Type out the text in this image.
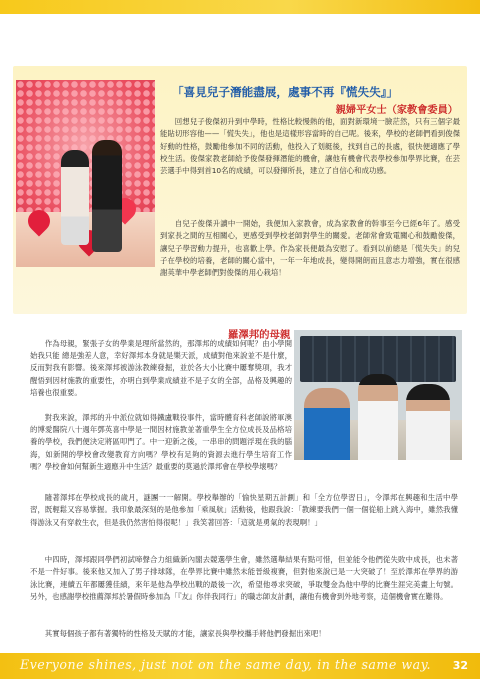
「喜見兒子潛能盡展，處事不再『慌失失』」
親婦平女士（家教會委員）
回想兒子俊傑初升到中學時，性格比較慢熱的他，面對新環境一臉茫然，只有三個字最能貼切形容他——「慌失失」，他也是這樣形容當時的自己呢。後來，學校的老師們看到俊傑好動的性格，鼓勵他參加不同的活動，他投入了划艇後，找到自己的長處，很快便適應了學校生活。俊傑家教老師給予俊傑發揮潛能的機會，讓他有機會代表學校參加學界比賽，在芸芸選手中得到首10名的成績，可以發揮所長，建立了自信心和成功感。
自兒子俊傑升讀中一開始，我便加入家教會，成為家教會的幹事至今已經6年了。感受到家長之間的互相關心，更感受到學校老師對學生的關愛。老師常會致電關心和鼓勵俊傑，讓兒子學習動力提升，也喜歡上學。作為家長便最為安慰了。看到以前總是「慌失失」的兒子在學校的培養，老師的關心當中，一年一年地成長，變得開朗而且意志力增強，實在很感謝英華中學老師們對俊傑的用心栽培！
羅澤邦的母親
作為母親，緊張子女的學業是理所當然的，那澤邦的成績如何呢？由小學開始我只能 總是強差人意，幸好澤邦本身就是樂天派，成績對他來說並不是什麼，反而對我有影響。後來澤邦被游泳教練發掘，並於各大小比賽中屢奪獎項，我才醒悟到因材施教的重要性，亦明白到學業成績並不是子女的全部，品格及興趣的培養也很重要。
對我來說，澤邦的升中派位就如得鐵盧戰役事件，當時體育科老師說將軍澳的博愛醫院八十週年鄧英喜中學是一間因材施教並著重學生全方位成長及品格培養的學校，我們便決定將區叩門了。中一迎新之後，一串串的問題浮現在我的腦海，如新開的學校會改變教育方向嗎？學校有足夠的資源去進行學生培育工作嗎？學校會如何幫新生適應升中生活？最重要的莫過於澤邦會在學校學壞嗎？
隨著澤邦在學校成長的歲月，謎團一一解開。學校舉辦的「愉快星期五計劃」和「全方位學習日」，令澤邦在興趣和生活中學習，既輕鬆又容易掌握。我印象最深刻的是他參加「乘風航」活動後，他跟我說：「教練要我們一個一個從船上跳入海中，雖然我懂得游泳又有穿救生衣，但是我仍然害怕得很呢！」我笑著回答：「這就是勇氣的表現啊！」
中四時，澤邦跟同學們初試啼聲合力組織新內閣去競選學生會，雖然選舉結果有點可惜，但並能令他們從失敗中成長，也未著不是一件好事。後來他又加入了男子排球隊，在學界比賽中雖然未能晉級複賽，但對他來說已是一大突破了！至於澤邦在學界的游泳比賽，連續五年都屢獲佳績，來年是他為學校出戰的最後一次，希望他尋求突破，爭取雙金為他中學的比賽生涯完美畫上句號。另外，也感謝學校推薦澤邦於暑假時參加為「『友』你伴我同行」的職志師友計劃，讓他有機會到外地考察，這個機會實在難得。
其實每個孩子都有著獨特的性格及天賦的才能，讓家長與學校攜手將他們發掘出來吧！
Everyone shines, just not on the same day, in the same way.	32
